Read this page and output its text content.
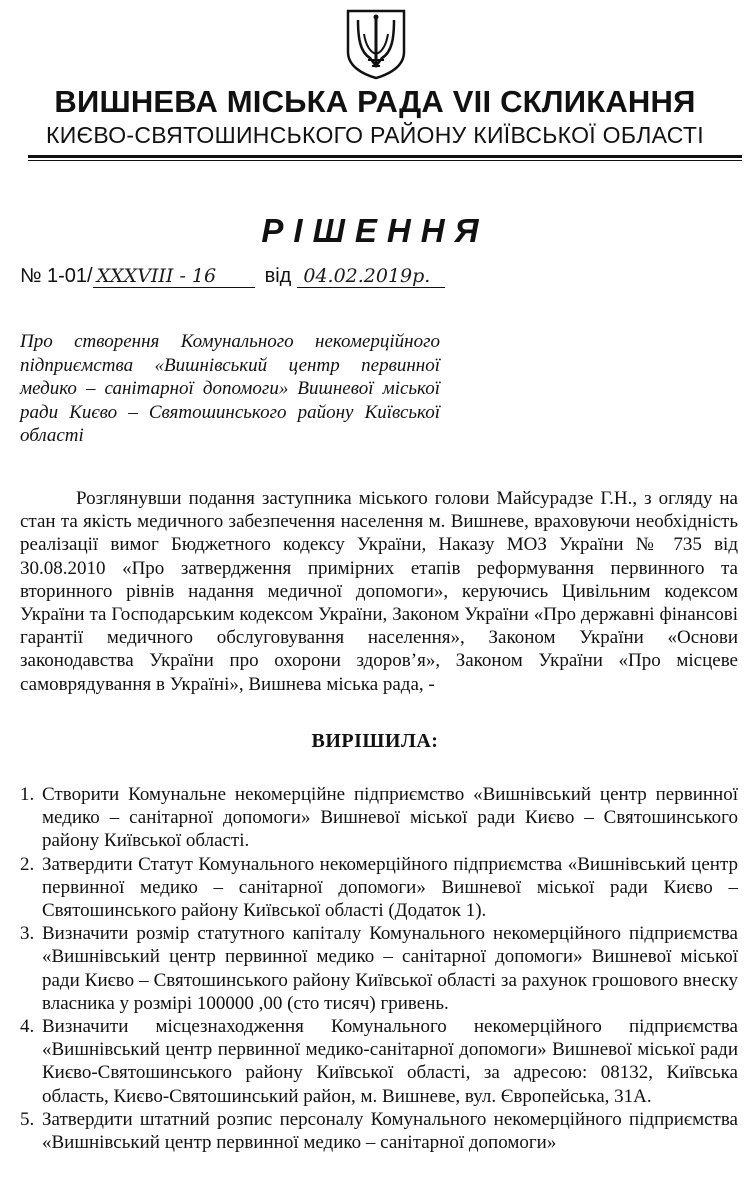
ВИШНЕВА МІСЬКА РАДА VII СКЛИКАННЯ
КИЄВО-СВЯТОШИНСЬКОГО РАЙОНУ КИЇВСЬКОЇ ОБЛАСТІ
РІШЕННЯ
№ 1-01/ XXXVIII - 16 від 04.02.2019р.
Про створення Комунального некомерційного підприємства «Вишнівський центр первинної медико – санітарної допомоги» Вишневої міської ради Києво – Святошинського району Київської області
Розглянувши подання заступника міського голови Майсурадзе Г.Н., з огляду на стан та якість медичного забезпечення населення м. Вишневе, враховуючи необхідність реалізації вимог Бюджетного кодексу України, Наказу МОЗ України № 735 від 30.08.2010 «Про затвердження примірних етапів реформування первинного та вторинного рівнів надання медичної допомоги», керуючись Цивільним кодексом України та Господарським кодексом України, Законом України «Про державні фінансові гарантії медичного обслуговування населення», Законом України «Основи законодавства України про охорони здоров’я», Законом України «Про місцеве самоврядування в Україні», Вишнева міська рада, -
ВИРІШИЛА:
1. Створити Комунальне некомерційне підприємство «Вишнівський центр первинної медико – санітарної допомоги» Вишневої міської ради Києво – Святошинського району Київської області.
2. Затвердити Статут Комунального некомерційного підприємства «Вишнівський центр первинної медико – санітарної допомоги» Вишневої міської ради Києво – Святошинського району Київської області (Додаток 1).
3. Визначити розмір статутного капіталу Комунального некомерційного підприємства «Вишнівський центр первинної медико – санітарної допомоги» Вишневої міської ради Києво – Святошинського району Київської області за рахунок грошового внеску власника у розмірі 100000 ,00 (сто тисяч) гривень.
4. Визначити місцезнаходження Комунального некомерційного підприємства «Вишнівський центр первинної медико-санітарної допомоги» Вишневої міської ради Києво-Святошинського району Київської області, за адресою: 08132, Київська область, Києво-Святошинський район, м. Вишневе, вул. Європейська, 31А.
5. Затвердити штатний розпис персоналу Комунального некомерційного підприємства «Вишнівський центр первинної медико – санітарної допомоги»
